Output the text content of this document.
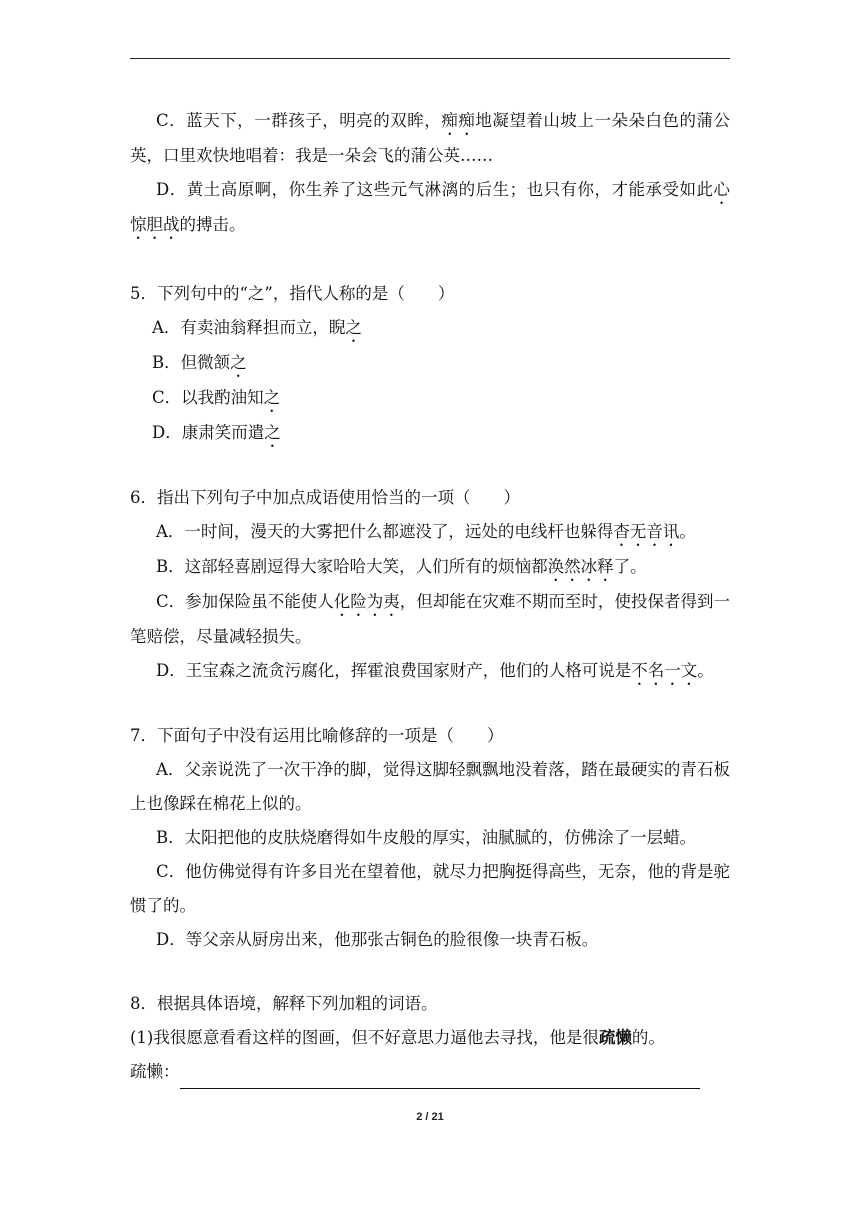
C．蓝天下，一群孩子，明亮的双眸，痴痴地凝望着山坡上一朵朵白色的蒲公英，口里欢快地唱着：我是一朵会飞的蒲公英……

D．黄土高原啊，你生养了这些元气淋漓的后生；也只有你，才能承受如此心惊胆战的搏击。

5．下列句中的“之”，指代人称的是（　　）

A．有卖油翁释担而立，睨之

B．但微颔之

C．以我酌油知之

D．康肃笑而遣之

6．指出下列句子中加点成语使用恰当的一项（　　）

A．一时间，漫天的大雾把什么都遮没了，远处的电线杆也躲得杳无音讯。

B．这部轻喜剧逗得大家哈哈大笑，人们所有的烦恼都涣然冰释了。

C．参加保险虽不能使人化险为夷，但却能在灾难不期而至时，使投保者得到一笔赔偿，尽量减轻损失。

D．王宝森之流贪污腐化，挥霍浪费国家财产，他们的人格可说是不名一文。

7．下面句子中没有运用比喻修辞的一项是（　　）

A．父亲说洗了一次干净的脚，觉得这脚轻飘飘地没着落，踏在最硬实的青石板上也像踩在棉花上似的。

B．太阳把他的皮肤烧磨得如牛皮般的厚实，油腻腻的，仿佛涂了一层蜡。

C．他仿佛觉得有许多目光在望着他，就尽力把胸挺得高些，无奈，他的背是驼惯了的。

D．等父亲从厨房出来，他那张古铜色的脸很像一块青石板。

8．根据具体语境，解释下列加粗的词语。

(1)我很愿意看看这样的图画，但不好意思力逼他去寻找，他是很疏懒的。

疏懒：

2 / 21
